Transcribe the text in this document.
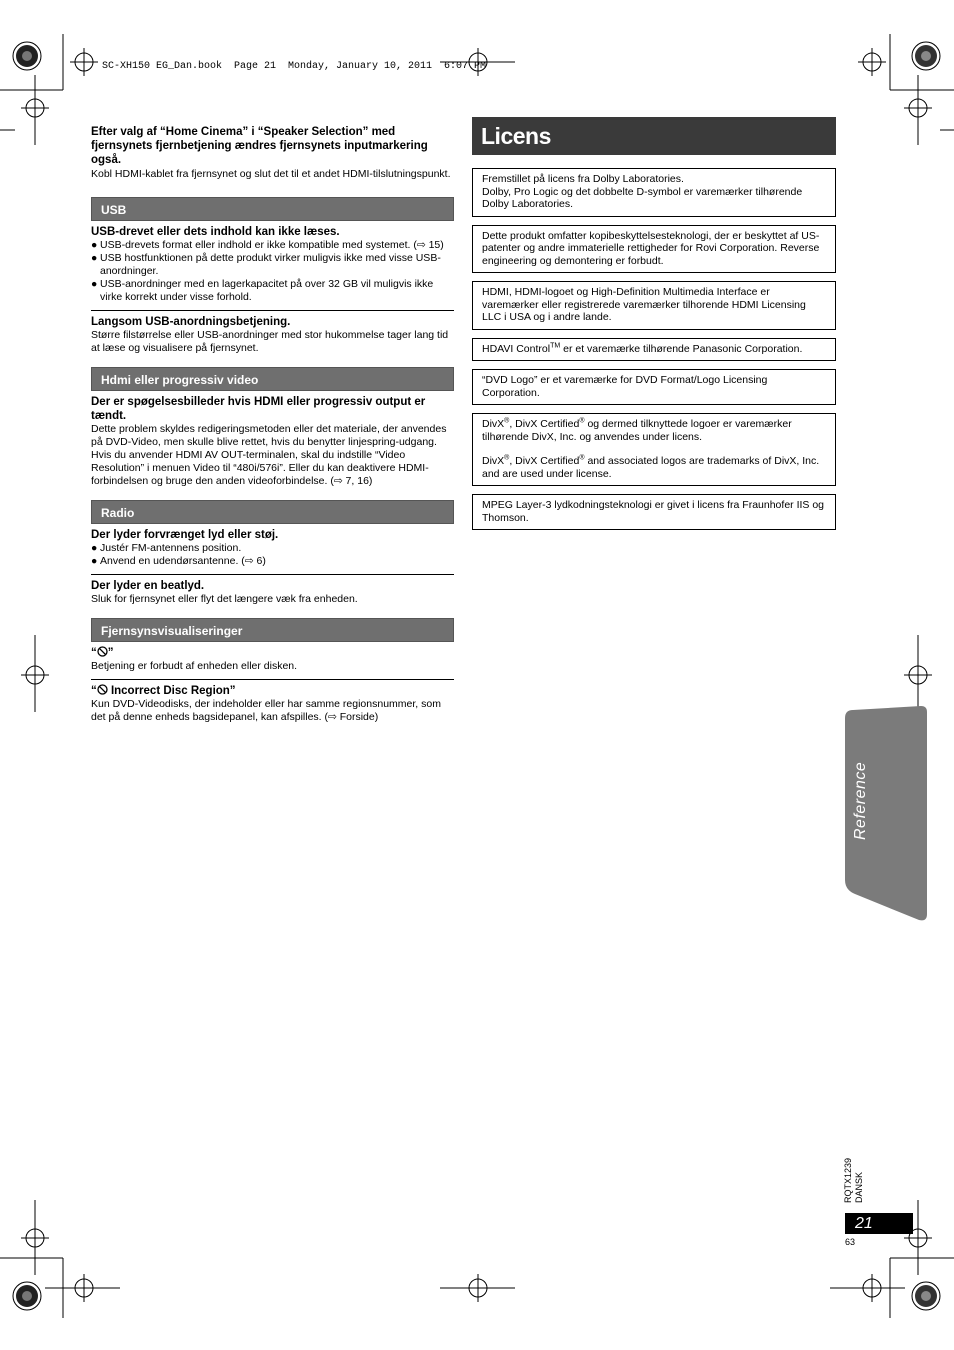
SC-XH150 EG_Dan.book  Page 21  Monday, January 10, 2011  6:07 PM

Efter valg af “Home Cinema” i “Speaker Selection” med fjernsynets fjernbetjening ændres fjernsynets inputmarkering også.

Kobl HDMI-kablet fra fjernsynet og slut det til et andet HDMI-tilslutningspunkt.

USB
USB-drevet eller dets indhold kan ikke læses.
● USB-drevets format eller indhold er ikke kompatible med systemet. (⇨ 15)
● USB hostfunktionen på dette produkt virker muligvis ikke med visse USB-anordninger.
● USB-anordninger med en lagerkapacitet på over 32 GB vil muligvis ikke virke korrekt under visse forhold.
Langsom USB-anordningsbetjening.

Større filstørrelse eller USB-anordninger med stor hukommelse tager lang tid at læse og visualisere på fjernsynet.

Hdmi eller progressiv video
Der er spøgelsesbilleder hvis HDMI eller progressiv output er tændt.

Dette problem skyldes redigeringsmetoden eller det materiale, der anvendes på DVD-Video, men skulle blive rettet, hvis du benytter linjespring-udgang. Hvis du anvender HDMI AV OUT-terminalen, skal du indstille “Video Resolution” i menuen Video til “480i/576i”. Eller du kan deaktivere HDMI-forbindelsen og bruge den anden videoforbindelse. (⇨ 7, 16)

Radio
Der lyder forvrænget lyd eller støj.
● Justér FM-antennens position.
● Anvend en udendørsantenne. (⇨ 6)
Der lyder en beatlyd.

Sluk for fjernsynet eller flyt det længere væk fra enheden.

Fjernsynsvisualiseringer
“ ”

Betjening er forbudt af enheden eller disken.

“ Incorrect Disc Region”

Kun DVD-Videodisks, der indeholder eller har samme regionsnummer, som det på denne enheds bagsidepanel, kan afspilles. (⇨ Forside)

Licens

Fremstillet på licens fra Dolby Laboratories.

Dolby, Pro Logic og det dobbelte D-symbol er varemærker tilhørende Dolby Laboratories.

Dette produkt omfatter kopibeskyttelsesteknologi, der er beskyttet af US-patenter og andre immaterielle rettigheder for Rovi Corporation. Reverse engineering og demontering er forbudt.

HDMI, HDMI-logoet og High-Definition Multimedia Interface er varemærker eller registrerede varemærker tilhorende HDMI Licensing LLC i USA og i andre lande.

HDAVI Control™ er et varemærke tilhørende Panasonic Corporation.

“DVD Logo” er et varemærke for DVD Format/Logo Licensing Corporation.

DivX®, DivX Certified® og dermed tilknyttede logoer er varemærker tilhørende DivX, Inc. og anvendes under licens.

DivX®, DivX Certified® and associated logos are trademarks of DivX, Inc. and are used under license.

MPEG Layer-3 lydkodningsteknologi er givet i licens fra Fraunhofer IIS og Thomson.

Reference
RQTX1239 DANSK
21
63
